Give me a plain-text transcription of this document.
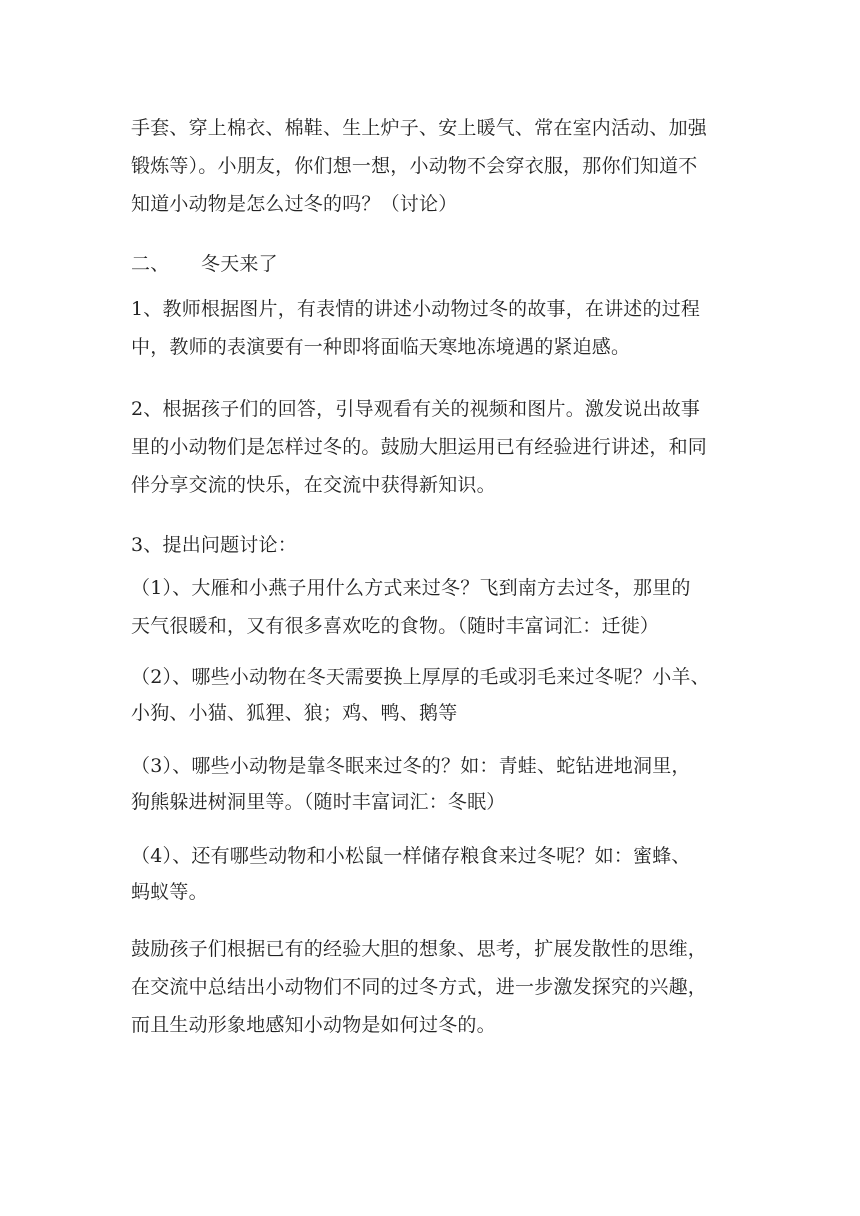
手套、穿上棉衣、棉鞋、生上炉子、安上暖气、常在室内活动、加强
锻炼等）。小朋友，你们想一想，小动物不会穿衣服，那你们知道不
知道小动物是怎么过冬的吗？（讨论）
二、 冬天来了
1、教师根据图片，有表情的讲述小动物过冬的故事，在讲述的过程
中，教师的表演要有一种即将面临天寒地冻境遇的紧迫感。
2、根据孩子们的回答，引导观看有关的视频和图片。激发说出故事
里的小动物们是怎样过冬的。鼓励大胆运用已有经验进行讲述，和同
伴分享交流的快乐，在交流中获得新知识。
3、提出问题讨论：
（1）、大雁和小燕子用什么方式来过冬？飞到南方去过冬，那里的
天气很暖和，又有很多喜欢吃的食物。（随时丰富词汇：迁徙）
（2）、哪些小动物在冬天需要换上厚厚的毛或羽毛来过冬呢？小羊、
小狗、小猫、狐狸、狼；鸡、鸭、鹅等
（3）、哪些小动物是靠冬眠来过冬的？如：青蛙、蛇钻进地洞里，
狗熊躲进树洞里等。（随时丰富词汇：冬眠）
（4）、还有哪些动物和小松鼠一样储存粮食来过冬呢？如：蜜蜂、
蚂蚁等。
鼓励孩子们根据已有的经验大胆的想象、思考，扩展发散性的思维，
在交流中总结出小动物们不同的过冬方式，进一步激发探究的兴趣，
而且生动形象地感知小动物是如何过冬的。
